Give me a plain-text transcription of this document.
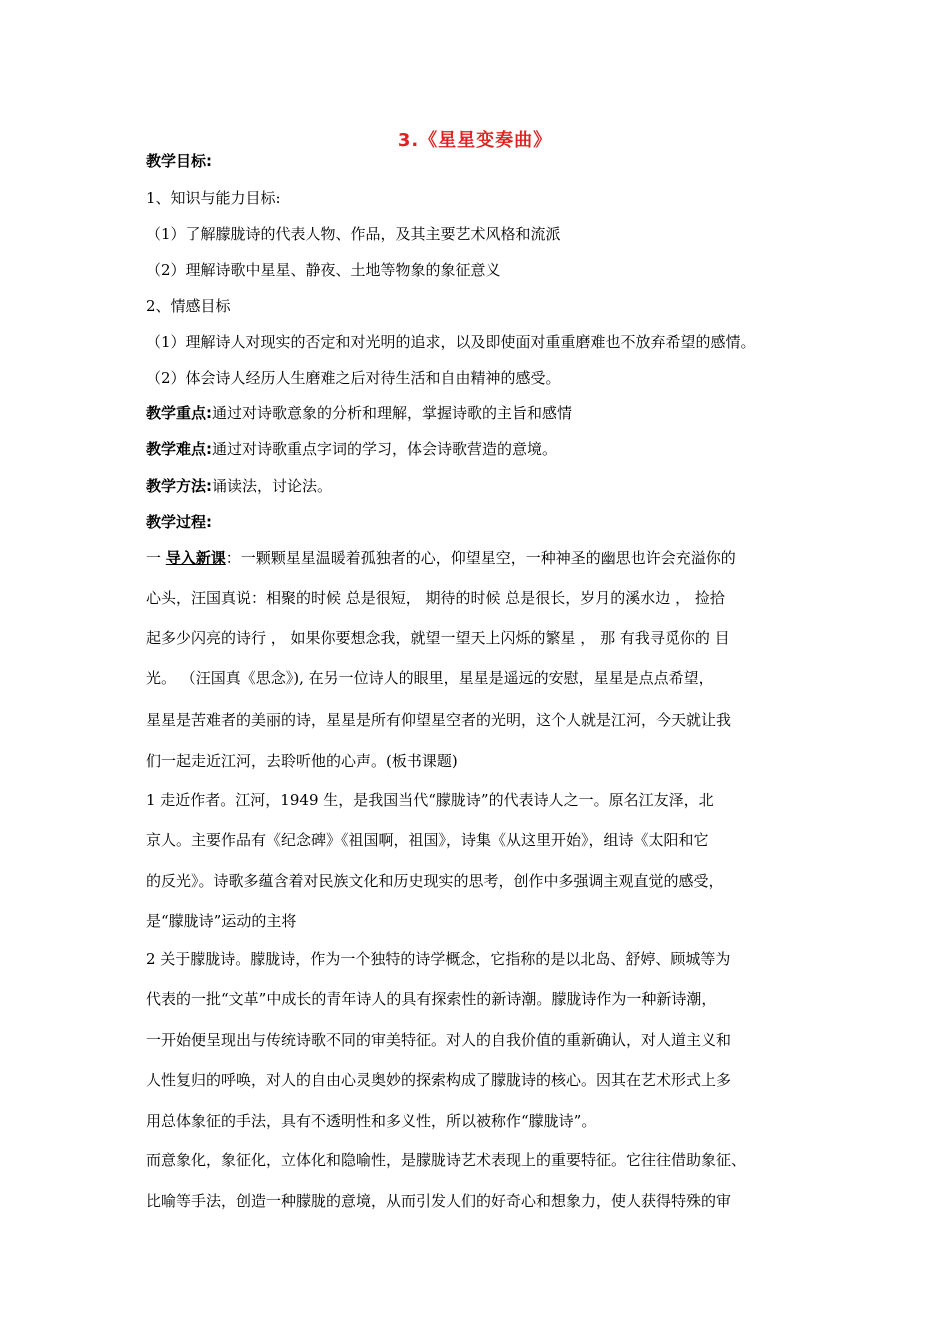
3.《星星变奏曲》
教学目标:
1、知识与能力目标:
（1）了解朦胧诗的代表人物、作品，及其主要艺术风格和流派
（2）理解诗歌中星星、静夜、土地等物象的象征意义
2、情感目标
（1）理解诗人对现实的否定和对光明的追求，以及即使面对重重磨难也不放弃希望的感情。
（2）体会诗人经历人生磨难之后对待生活和自由精神的感受。
教学重点:通过对诗歌意象的分析和理解，掌握诗歌的主旨和感情
教学难点:通过对诗歌重点字词的学习，体会诗歌营造的意境。
教学方法:诵读法，讨论法。
教学过程:
一 导入新课：一颗颗星星温暖着孤独者的心，仰望星空，一种神圣的幽思也许会充溢你的
心头，汪国真说：相聚的时候 总是很短， 期待的时候 总是很长，岁月的溪水边 ， 捡拾
起多少闪亮的诗行 ， 如果你要想念我，就望一望天上闪烁的繁星 ， 那 有我寻觅你的 目
光。 （汪国真《思念》), 在另一位诗人的眼里，星星是遥远的安慰，星星是点点希望，
星星是苦难者的美丽的诗，星星是所有仰望星空者的光明，这个人就是江河，今天就让我
们一起走近江河，去聆听他的心声。(板书课题)
1 走近作者。江河，1949 生，是我国当代“朦胧诗”的代表诗人之一。原名江友泽，北
京人。主要作品有《纪念碑》《祖国啊，祖国》，诗集《从这里开始》，组诗《太阳和它
的反光》。诗歌多蕴含着对民族文化和历史现实的思考，创作中多强调主观直觉的感受，
是“朦胧诗”运动的主将
2 关于朦胧诗。朦胧诗，作为一个独特的诗学概念，它指称的是以北岛、舒婷、顾城等为
代表的一批“文革”中成长的青年诗人的具有探索性的新诗潮。朦胧诗作为一种新诗潮，
一开始便呈现出与传统诗歌不同的审美特征。对人的自我价值的重新确认，对人道主义和
人性复归的呼唤，对人的自由心灵奥妙的探索构成了朦胧诗的核心。因其在艺术形式上多
用总体象征的手法，具有不透明性和多义性，所以被称作“朦胧诗”。
而意象化，象征化，立体化和隐喻性，是朦胧诗艺术表现上的重要特征。它往往借助象征、
比喻等手法，创造一种朦胧的意境，从而引发人们的好奇心和想象力，使人获得特殊的审
